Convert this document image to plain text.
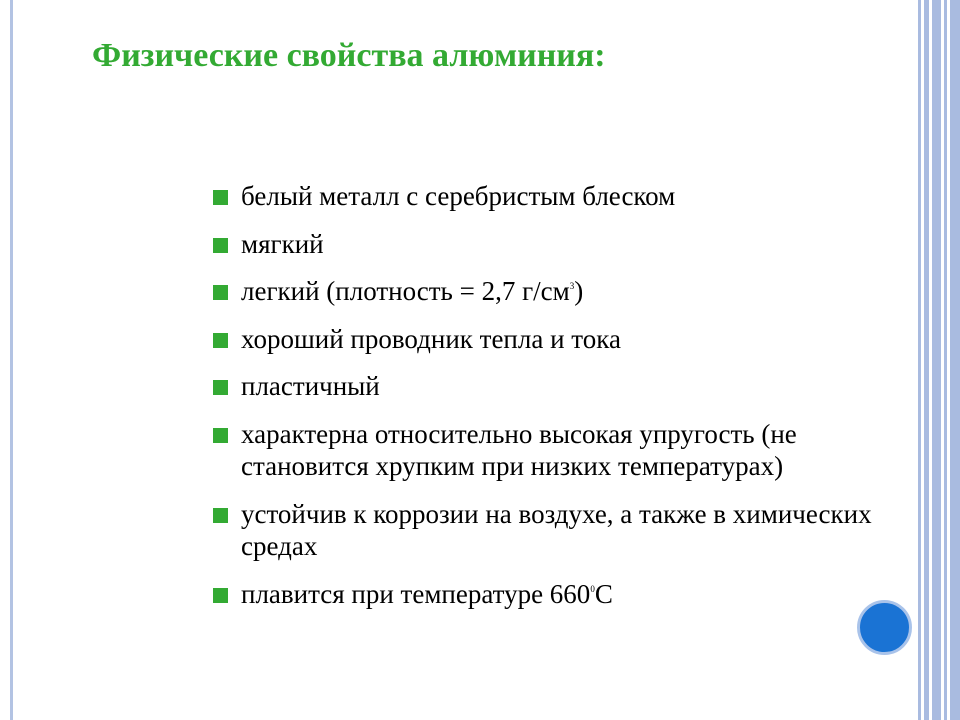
Физические свойства алюминия:
белый металл с серебристым блеском
мягкий
легкий (плотность = 2,7 $г/см^3$)
хороший проводник тепла и тока
пластичный
характерна относительно высокая упругость (не становится хрупким при низких температурах)
устойчив к коррозии на воздухе, а также в химических средах
плавится при температуре $660^0С$
